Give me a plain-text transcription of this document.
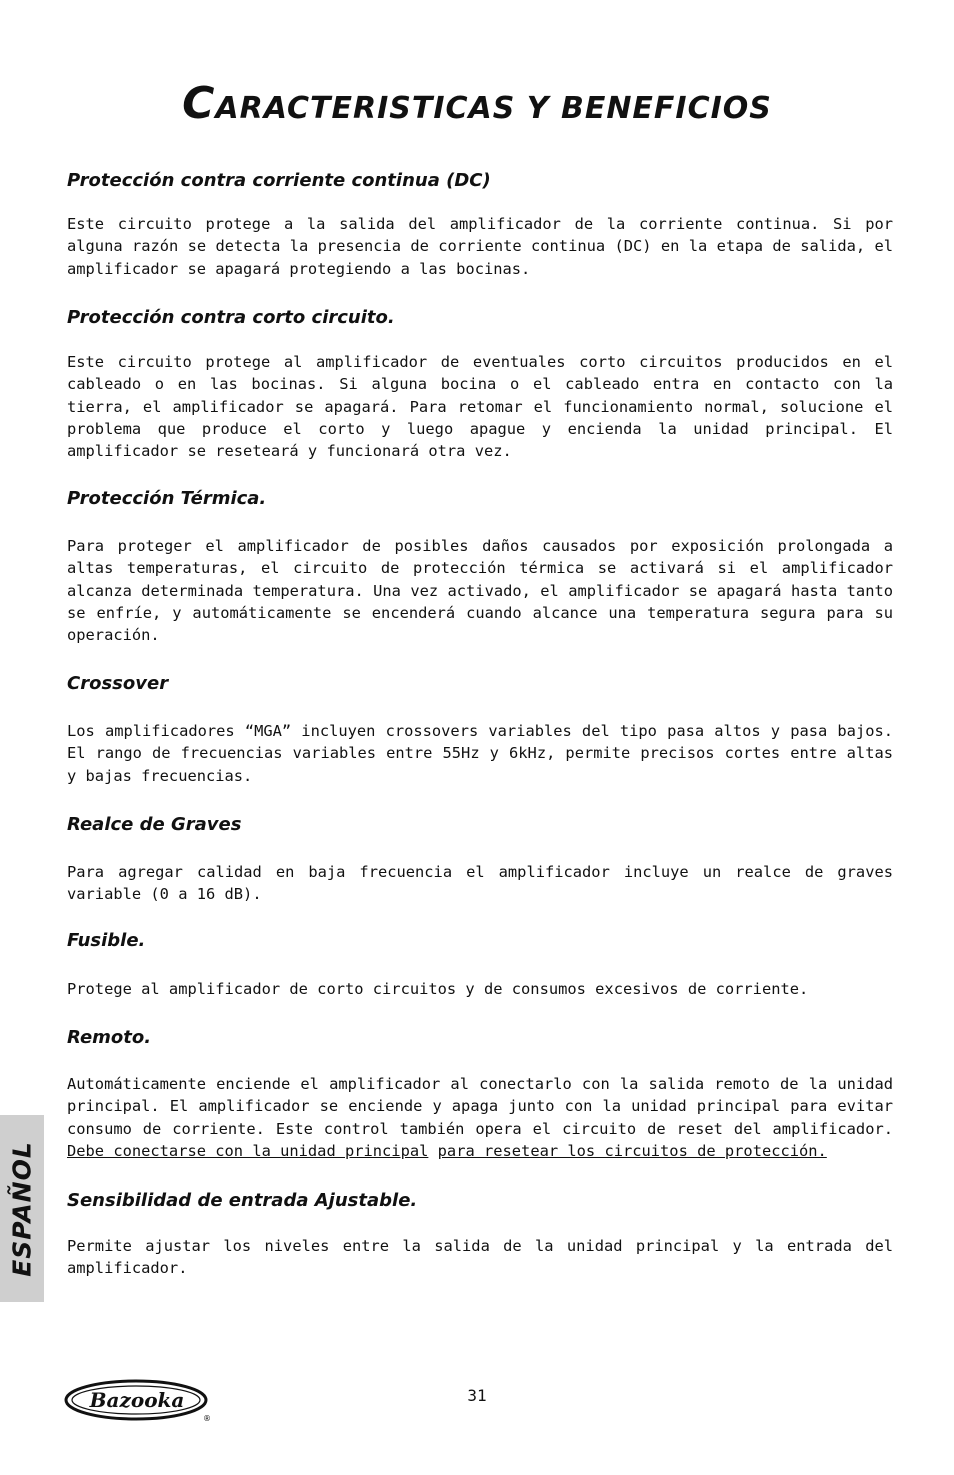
CARACTERISTICAS Y BENEFICIOS
Protección contra corriente continua (DC)

Este circuito protege a la salida del amplificador de la corriente continua. Si por alguna razón se detecta la presencia de corriente continua (DC) en la etapa de salida, el amplificador se apagará protegiendo a las bocinas.

Protección contra corto circuito.

Este circuito protege al amplificador de eventuales corto circuitos producidos en el cableado o en las bocinas. Si alguna bocina o el cableado entra en contacto con la tierra, el amplificador se apagará. Para retomar el funcionamiento normal, solucione el problema que produce el corto y luego apague y encienda la unidad principal. El amplificador se reseteará y funcionará otra vez.

Protección Térmica.

Para proteger el amplificador de posibles daños causados por exposición prolongada a altas temperaturas, el circuito de protección térmica se activará si el amplificador alcanza determinada temperatura. Una vez activado, el amplificador se apagará hasta tanto se enfríe, y automáticamente se encenderá cuando alcance una temperatura segura para su operación.

Crossover

Los amplificadores “MGA” incluyen crossovers variables del tipo pasa altos y pasa bajos. El rango de frecuencias variables entre 55Hz y 6kHz, permite precisos cortes entre altas y bajas frecuencias.

Realce de Graves

Para agregar calidad en baja frecuencia el amplificador incluye un realce de graves variable (0 a 16 dB).

Fusible.

Protege al amplificador de corto circuitos y de consumos excesivos de corriente.

Remoto.

Automáticamente enciende el amplificador al conectarlo con la salida remoto de la unidad principal. El amplificador se enciende y apaga junto con la unidad principal para evitar consumo de corriente. Este control también opera el circuito de reset del amplificador. Debe conectarse con la unidad principal para resetear los circuitos de protección.

Sensibilidad de entrada Ajustable.

Permite ajustar los niveles entre la salida de la unidad principal y la entrada del amplificador.

ESPAÑOL
Bazooka
®
31
